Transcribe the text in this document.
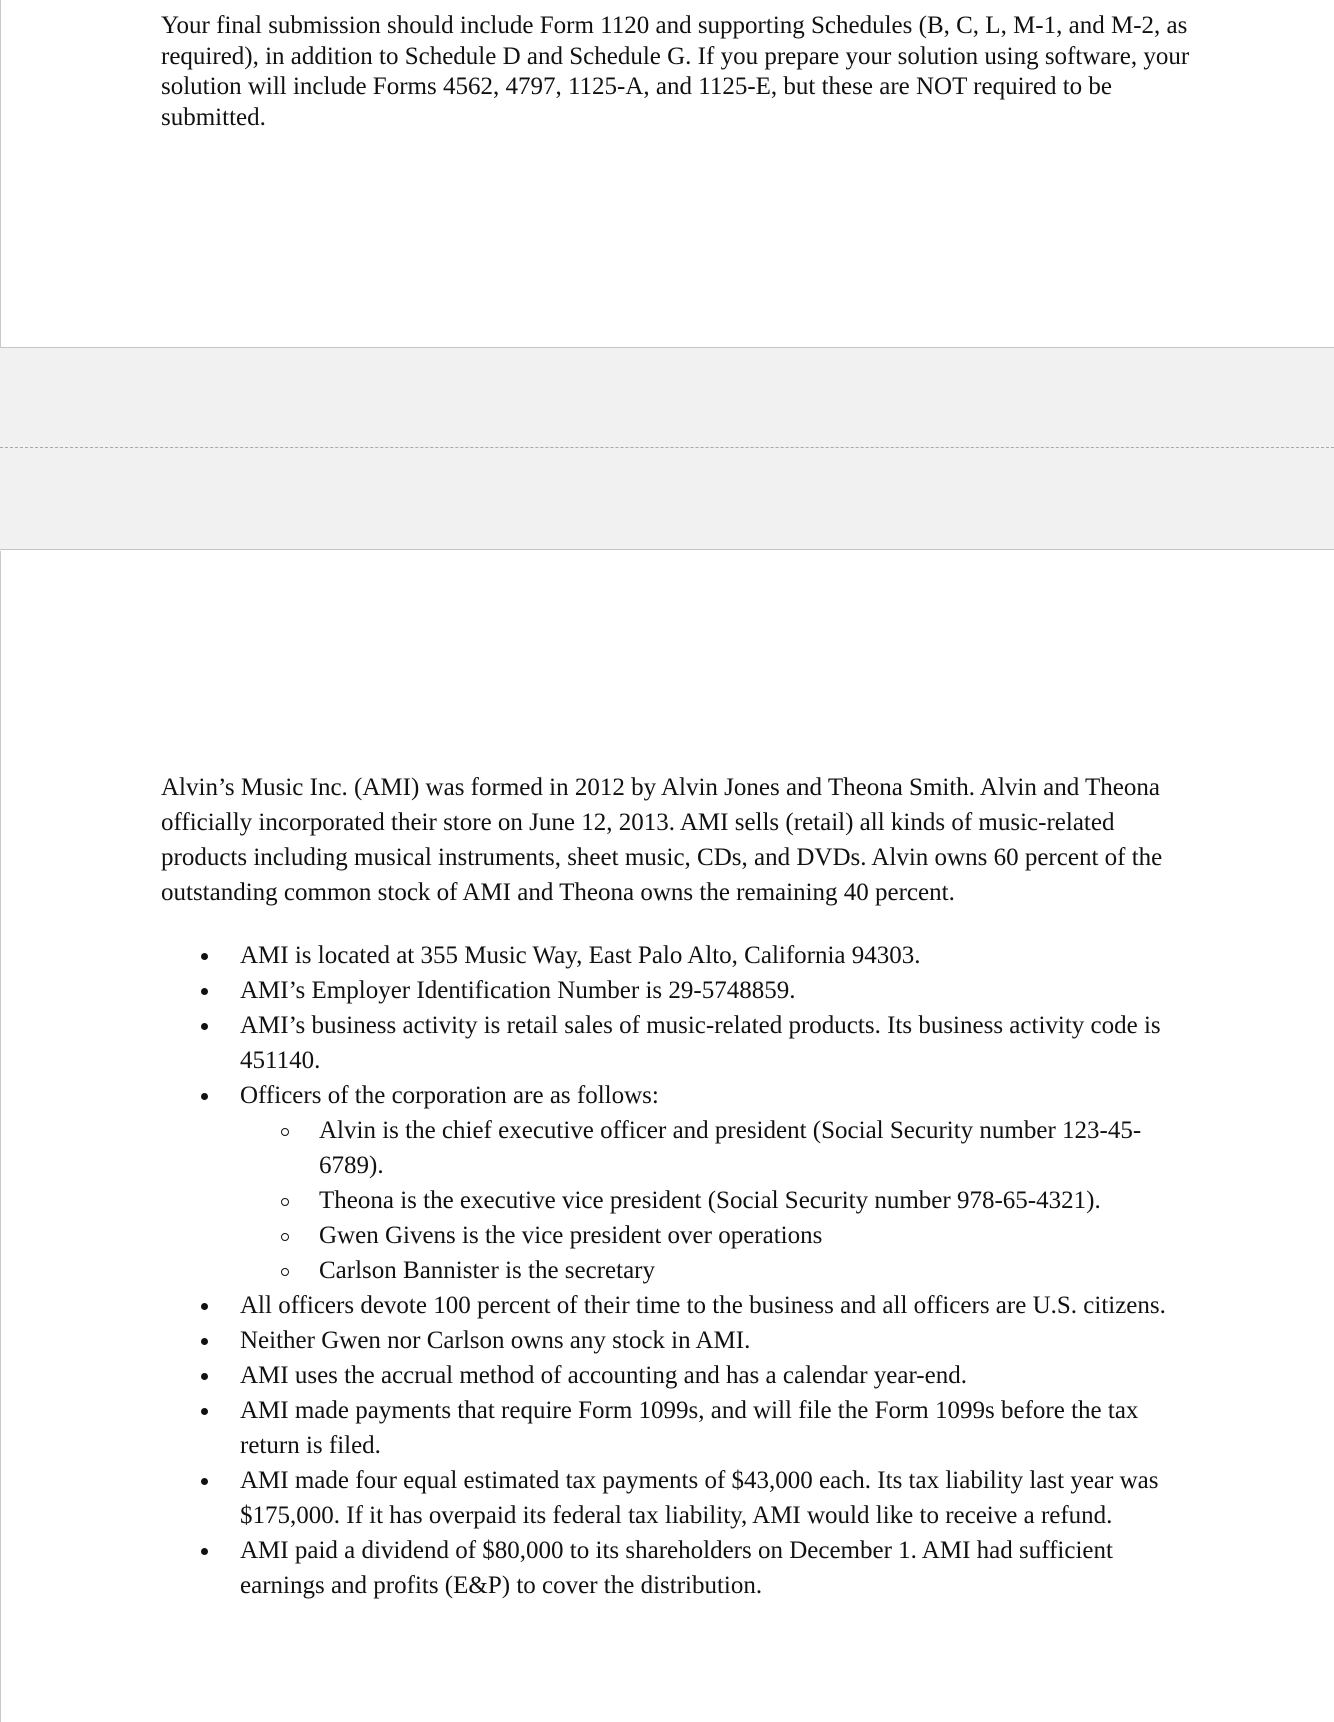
Your final submission should include Form 1120 and supporting Schedules (B, C, L, M-1, and M-2, as required), in addition to Schedule D and Schedule G. If you prepare your solution using software, your solution will include Forms 4562, 4797, 1125-A, and 1125-E, but these are NOT required to be submitted.

Alvin’s Music Inc. (AMI) was formed in 2012 by Alvin Jones and Theona Smith. Alvin and Theona officially incorporated their store on June 12, 2013. AMI sells (retail) all kinds of music-related products including musical instruments, sheet music, CDs, and DVDs. Alvin owns 60 percent of the outstanding common stock of AMI and Theona owns the remaining 40 percent.

AMI is located at 355 Music Way, East Palo Alto, California 94303.
AMI’s Employer Identification Number is 29-5748859.
AMI’s business activity is retail sales of music-related products. Its business activity code is 451140.
Officers of the corporation are as follows:
Alvin is the chief executive officer and president (Social Security number 123-45-6789).
Theona is the executive vice president (Social Security number 978-65-4321).
Gwen Givens is the vice president over operations
Carlson Bannister is the secretary
All officers devote 100 percent of their time to the business and all officers are U.S. citizens.
Neither Gwen nor Carlson owns any stock in AMI.
AMI uses the accrual method of accounting and has a calendar year-end.
AMI made payments that require Form 1099s, and will file the Form 1099s before the tax return is filed.
AMI made four equal estimated tax payments of $43,000 each. Its tax liability last year was $175,000. If it has overpaid its federal tax liability, AMI would like to receive a refund.
AMI paid a dividend of $80,000 to its shareholders on December 1. AMI had sufficient earnings and profits (E&P) to cover the distribution.
